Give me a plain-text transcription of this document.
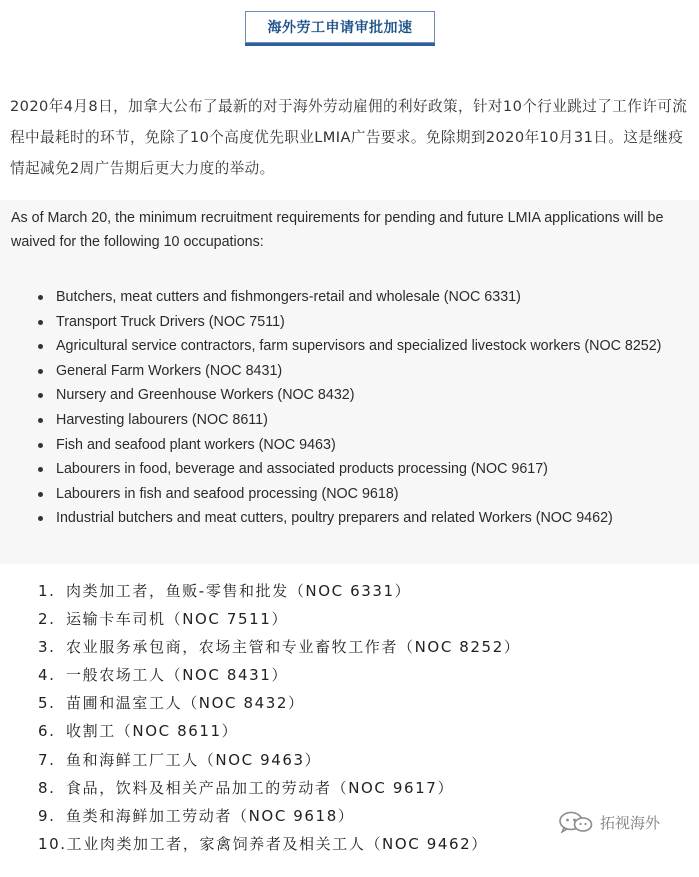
海外劳工申请审批加速
2020年4月8日，加拿大公布了最新的对于海外劳动雇佣的利好政策，针对10个行业跳过了工作许可流程中最耗时的环节，免除了10个高度优先职业LMIA广告要求。免除期到2020年10月31日。这是继疫情起减免2周广告期后更大力度的举动。
As of March 20, the minimum recruitment requirements for pending and future LMIA applications will be waived for the following 10 occupations:
Butchers, meat cutters and fishmongers-retail and wholesale (NOC 6331)
Transport Truck Drivers (NOC 7511)
Agricultural service contractors, farm supervisors and specialized livestock workers (NOC 8252)
General Farm Workers (NOC 8431)
Nursery and Greenhouse Workers (NOC 8432)
Harvesting labourers (NOC 8611)
Fish and seafood plant workers (NOC 9463)
Labourers in food, beverage and associated products processing (NOC 9617)
Labourers in fish and seafood processing (NOC 9618)
Industrial butchers and meat cutters, poultry preparers and related Workers (NOC 9462)
1. 肉类加工者，鱼贩-零售和批发（NOC 6331）
2. 运输卡车司机（NOC 7511）
3. 农业服务承包商，农场主管和专业畜牧工作者（NOC 8252）
4. 一般农场工人（NOC 8431）
5. 苗圃和温室工人（NOC 8432）
6. 收割工（NOC 8611）
7. 鱼和海鲜工厂工人（NOC 9463）
8. 食品，饮料及相关产品加工的劳动者（NOC 9617）
9. 鱼类和海鲜加工劳动者（NOC 9618）
10.工业肉类加工者，家禽饲养者及相关工人（NOC 9462）
拓视海外
